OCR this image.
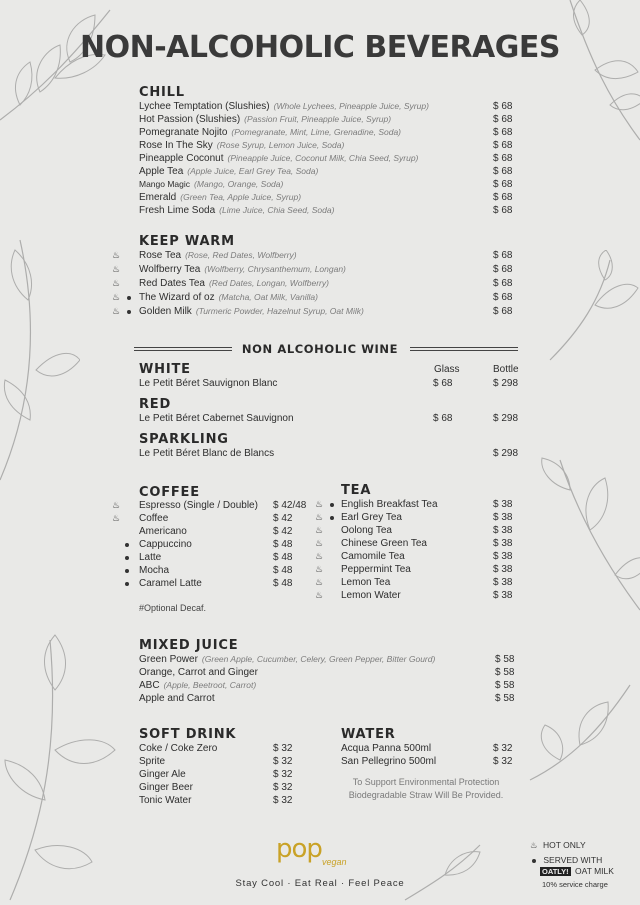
NON-ALCOHOLIC BEVERAGES
CHILL
Lychee Temptation (Slushies) (Whole Lychees, Pineapple Juice, Syrup)	$ 68
Hot Passion (Slushies) (Passion Fruit, Pineapple Juice, Syrup)	$ 68
Pomegranate Nojito (Pomegranate, Mint, Lime, Grenadine, Soda)	$ 68
Rose In The Sky (Rose Syrup, Lemon Juice, Soda)	$ 68
Pineapple Coconut (Pineapple Juice, Coconut Milk, Chia Seed, Syrup)	$ 68
Apple Tea (Apple Juice, Earl Grey Tea, Soda)	$ 68
Mango Magic (Mango, Orange, Soda)	$ 68
Emerald (Green Tea, Apple Juice, Syrup)	$ 68
Fresh Lime Soda (Lime Juice, Chia Seed, Soda)	$ 68
KEEP WARM
♨ Rose Tea (Rose, Red Dates, Wolfberry)	$ 68
♨ Wolfberry Tea (Wolfberry, Chrysanthemum, Longan)	$ 68
♨ Red Dates Tea (Red Dates, Longan, Wolfberry)	$ 68
♨ The Wizard of oz (Matcha, Oat Milk, Vanilla)	$ 68
♨ Golden Milk (Turmeric Powder, Hazelnut Syrup, Oat Milk)	$ 68
NON ALCOHOLIC WINE
WHITE	Glass	Bottle
Le Petit Béret Sauvignon Blanc	$ 68	$ 298
RED
Le Petit Béret Cabernet Sauvignon	$ 68	$ 298
SPARKLING
Le Petit Béret Blanc de Blancs	$ 298
COFFEE
♨ Espresso (Single / Double) $ 42/48
♨ Coffee	$ 42
Americano	$ 42
Cappuccino	$ 48
Latte	$ 48
Mocha	$ 48
Caramel Latte	$ 48
#Optional Decaf.
TEA
♨ English Breakfast Tea	$ 38
♨ Earl Grey Tea	$ 38
♨ Oolong Tea	$ 38
♨ Chinese Green Tea	$ 38
♨ Camomile Tea	$ 38
♨ Peppermint Tea	$ 38
♨ Lemon Tea	$ 38
♨ Lemon Water	$ 38
MIXED JUICE
Green Power (Green Apple, Cucumber, Celery, Green Pepper, Bitter Gourd)	$ 58
Orange, Carrot and Ginger	$ 58
ABC (Apple, Beetroot, Carrot)	$ 58
Apple and Carrot	$ 58
SOFT DRINK
Coke / Coke Zero	$ 32
Sprite	$ 32
Ginger Ale	$ 32
Ginger Beer	$ 32
Tonic Water	$ 32
WATER
Acqua Panna 500ml	$ 32
San Pellegrino 500ml	$ 32
To Support Environmental Protection
Biodegradable Straw Will Be Provided.
pop vegan
Stay Cool · Eat Real · Feel Peace
♨ HOT ONLY
SERVED WITH
OATLY! OAT MILK
10% service charge
